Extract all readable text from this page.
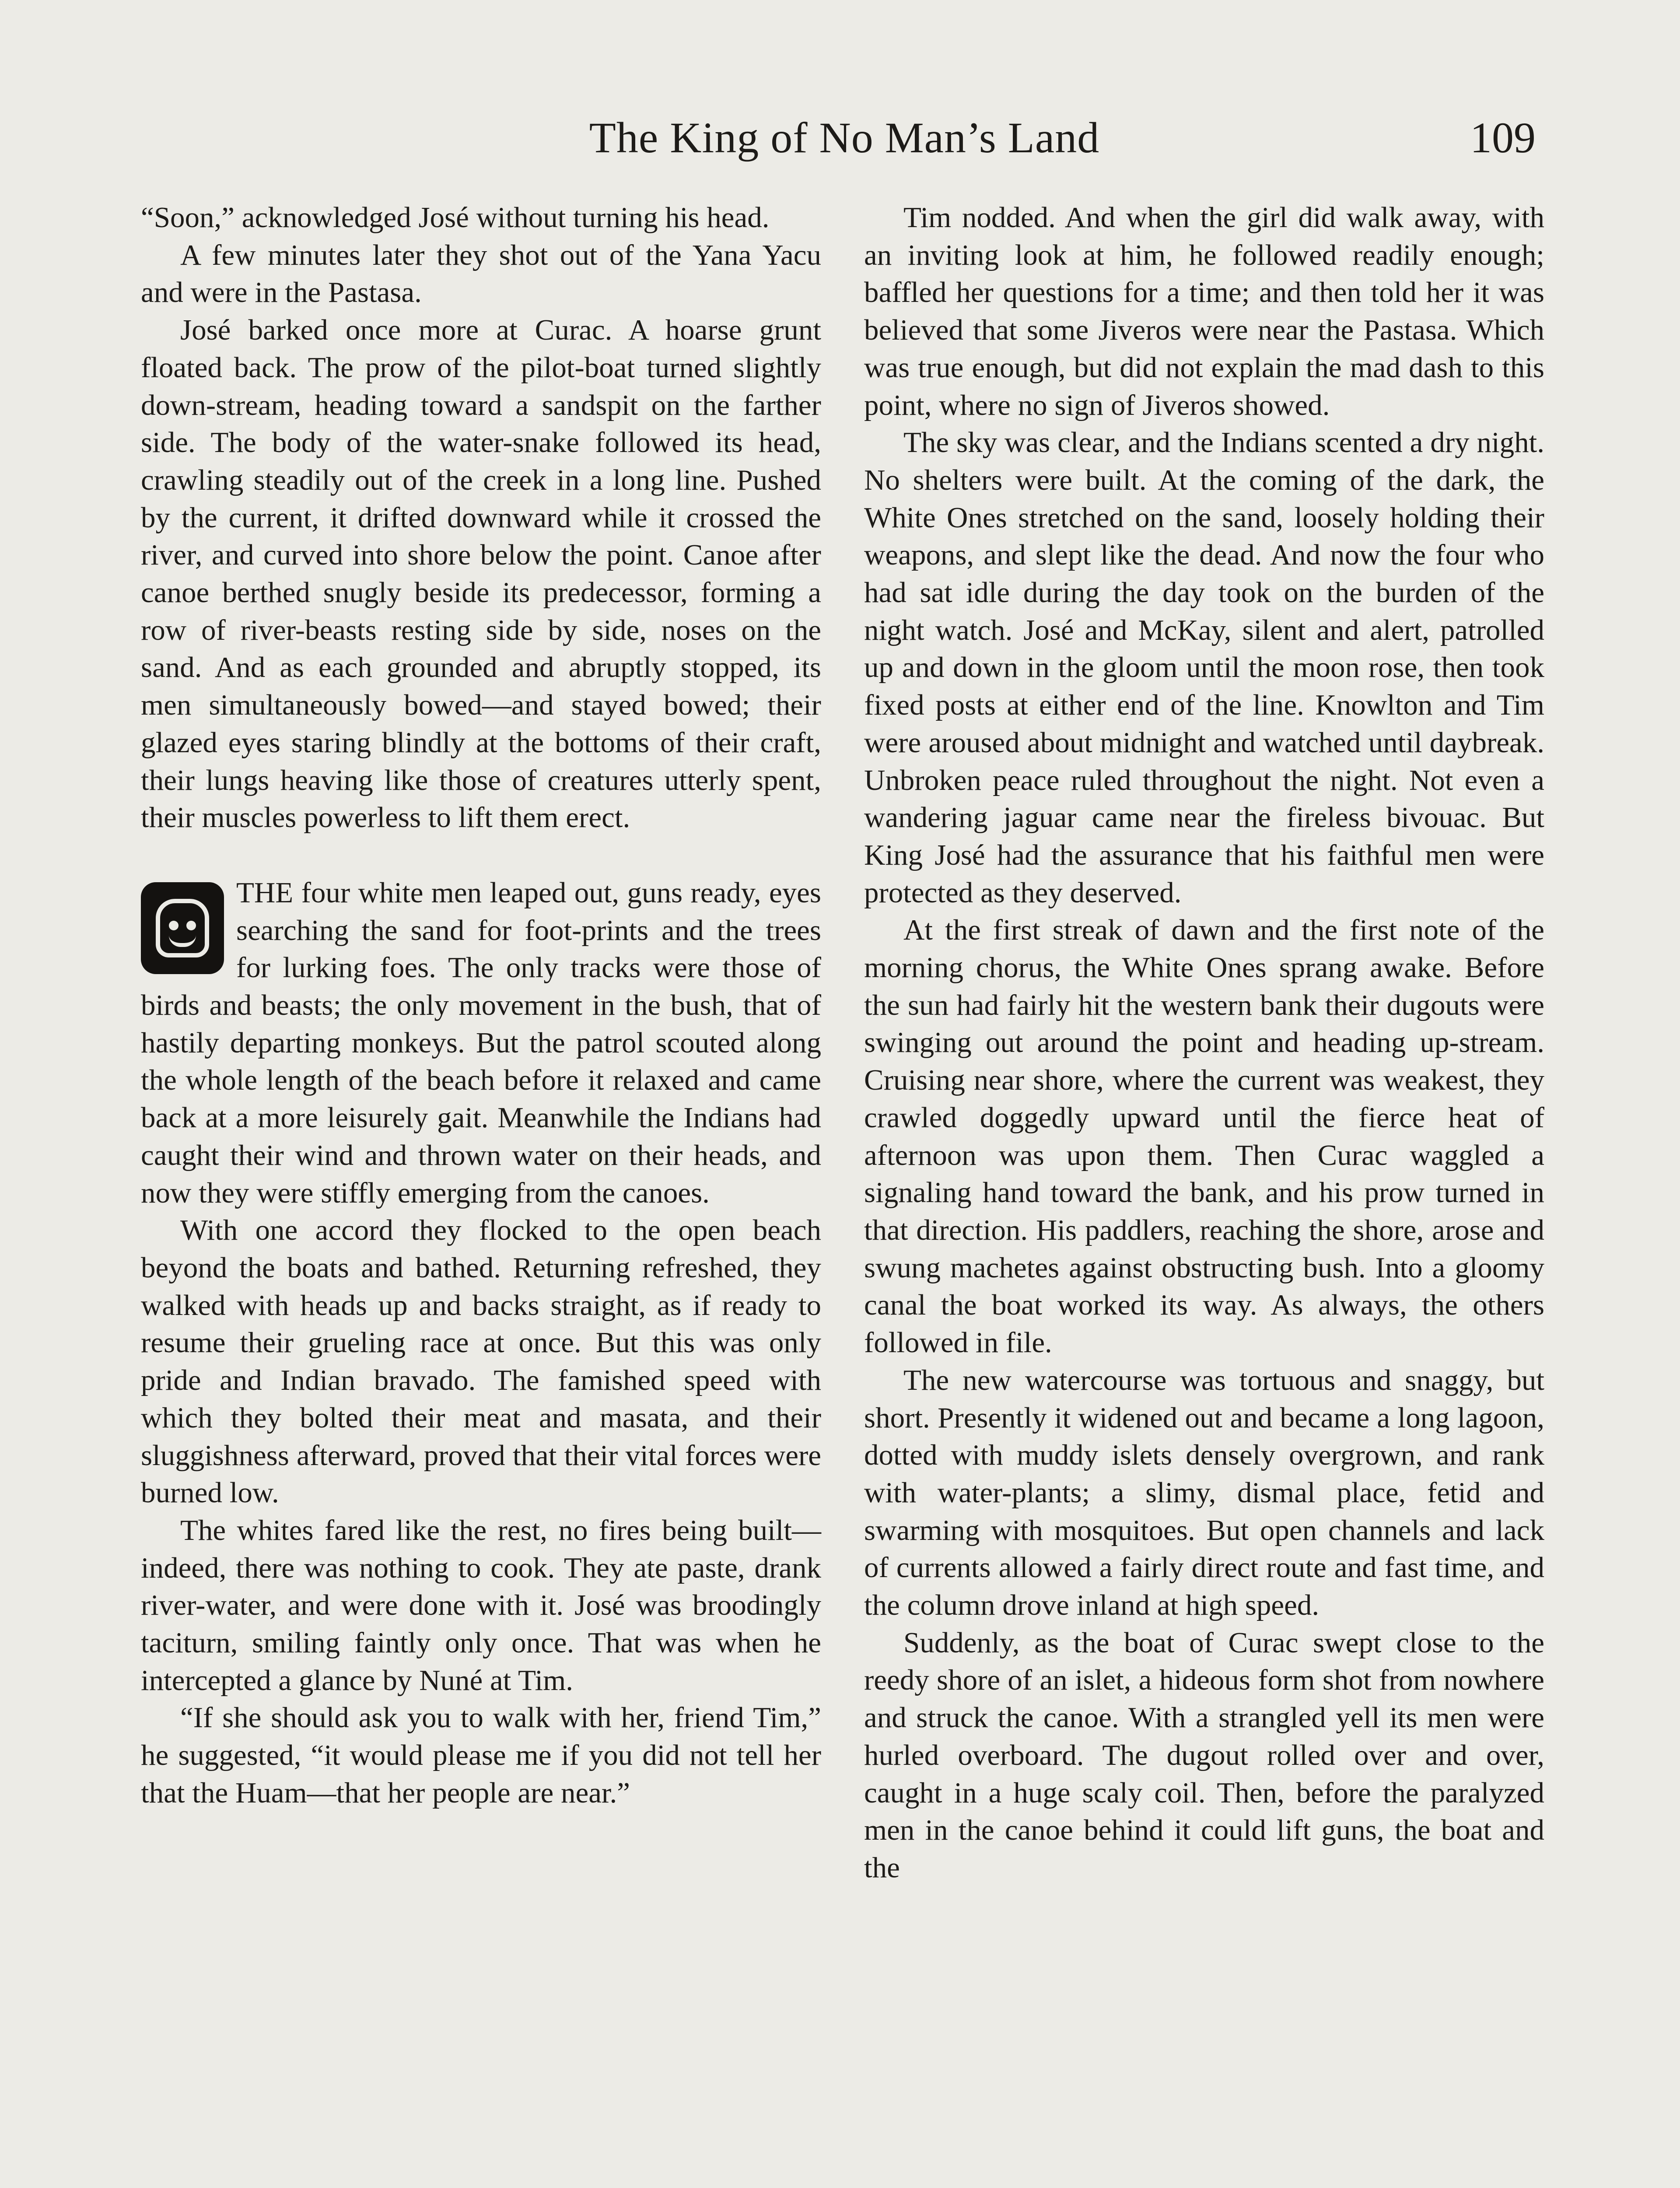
The King of No Man’s Land	109

“Soon,” acknowledged José without turning his head.

A few minutes later they shot out of the Yana Yacu and were in the Pastasa.

José barked once more at Curac. A hoarse grunt floated back. The prow of the pilot-boat turned slightly down-stream, heading toward a sandspit on the farther side. The body of the water-snake followed its head, crawling steadily out of the creek in a long line. Pushed by the current, it drifted downward while it crossed the river, and curved into shore below the point. Canoe after canoe berthed snugly beside its predecessor, forming a row of river-beasts resting side by side, noses on the sand. And as each grounded and abruptly stopped, its men simultaneously bowed—and stayed bowed; their glazed eyes staring blindly at the bottoms of their craft, their lungs heaving like those of creatures utterly spent, their muscles powerless to lift them erect.

THE four white men leaped out, guns ready, eyes searching the sand for foot-prints and the trees for lurking foes. The only tracks were those of birds and beasts; the only movement in the bush, that of hastily departing monkeys. But the patrol scouted along the whole length of the beach before it relaxed and came back at a more leisurely gait. Meanwhile the Indians had caught their wind and thrown water on their heads, and now they were stiffly emerging from the canoes.

With one accord they flocked to the open beach beyond the boats and bathed. Returning refreshed, they walked with heads up and backs straight, as if ready to resume their grueling race at once. But this was only pride and Indian bravado. The famished speed with which they bolted their meat and masata, and their sluggishness afterward, proved that their vital forces were burned low.

The whites fared like the rest, no fires being built—indeed, there was nothing to cook. They ate paste, drank river-water, and were done with it. José was broodingly taciturn, smiling faintly only once. That was when he intercepted a glance by Nuné at Tim.

“If she should ask you to walk with her, friend Tim,” he suggested, “it would please me if you did not tell her that the Huam—that her people are near.”

Tim nodded. And when the girl did walk away, with an inviting look at him, he followed readily enough; baffled her questions for a time; and then told her it was believed that some Jiveros were near the Pastasa. Which was true enough, but did not explain the mad dash to this point, where no sign of Jiveros showed.

The sky was clear, and the Indians scented a dry night. No shelters were built. At the coming of the dark, the White Ones stretched on the sand, loosely holding their weapons, and slept like the dead. And now the four who had sat idle during the day took on the burden of the night watch. José and McKay, silent and alert, patrolled up and down in the gloom until the moon rose, then took fixed posts at either end of the line. Knowlton and Tim were aroused about midnight and watched until daybreak. Unbroken peace ruled throughout the night. Not even a wandering jaguar came near the fireless bivouac. But King José had the assurance that his faithful men were protected as they deserved.

At the first streak of dawn and the first note of the morning chorus, the White Ones sprang awake. Before the sun had fairly hit the western bank their dugouts were swinging out around the point and heading up-stream. Cruising near shore, where the current was weakest, they crawled doggedly upward until the fierce heat of afternoon was upon them. Then Curac waggled a signaling hand toward the bank, and his prow turned in that direction. His paddlers, reaching the shore, arose and swung machetes against obstructing bush. Into a gloomy canal the boat worked its way. As always, the others followed in file.

The new watercourse was tortuous and snaggy, but short. Presently it widened out and became a long lagoon, dotted with muddy islets densely overgrown, and rank with water-plants; a slimy, dismal place, fetid and swarming with mosquitoes. But open channels and lack of currents allowed a fairly direct route and fast time, and the column drove inland at high speed.

Suddenly, as the boat of Curac swept close to the reedy shore of an islet, a hideous form shot from nowhere and struck the canoe. With a strangled yell its men were hurled overboard. The dugout rolled over and over, caught in a huge scaly coil. Then, before the paralyzed men in the canoe behind it could lift guns, the boat and the
